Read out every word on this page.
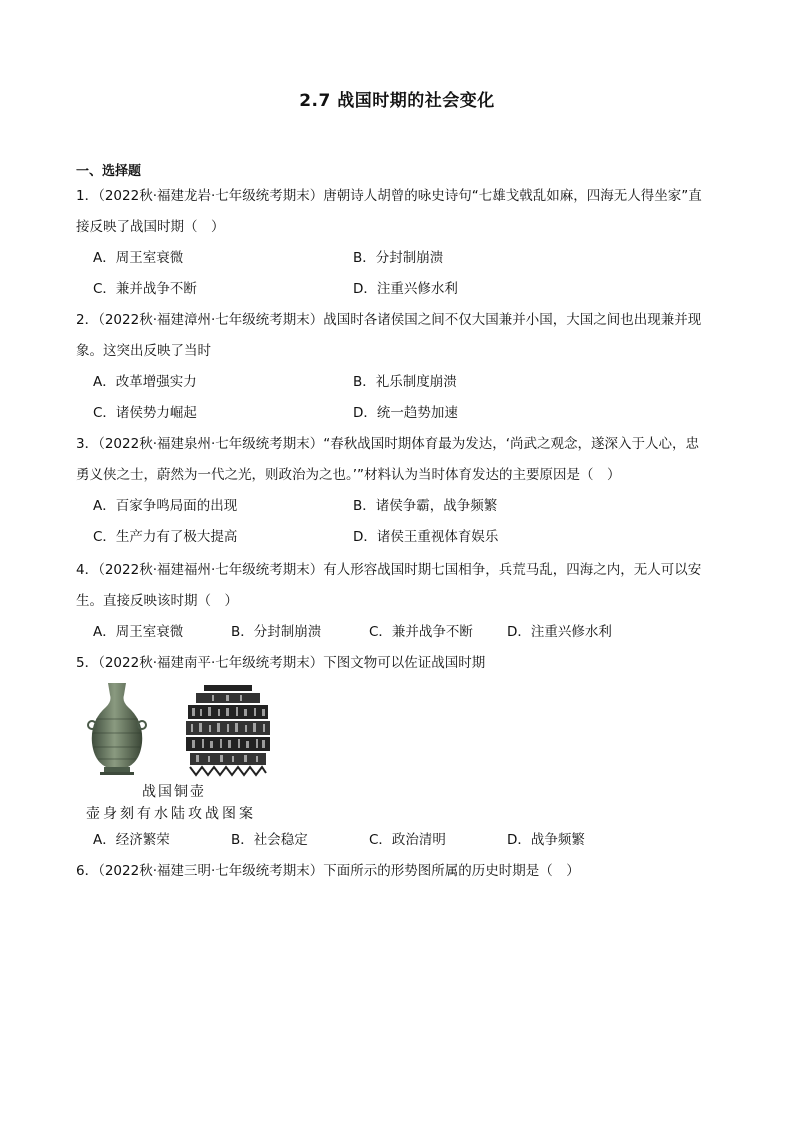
2.7 战国时期的社会变化
一、选择题
1．（2022秋·福建龙岩·七年级统考期末）唐朝诗人胡曾的咏史诗句“七雄戈戟乱如麻，四海无人得坐家”直
接反映了战国时期（　）
A．周王室衰微	B．分封制崩溃
C．兼并战争不断	D．注重兴修水利
2．（2022秋·福建漳州·七年级统考期末）战国时各诸侯国之间不仅大国兼并小国，大国之间也出现兼并现
象。这突出反映了当时
A．改革增强实力	B．礼乐制度崩溃
C．诸侯势力崛起	D．统一趋势加速
3．（2022秋·福建泉州·七年级统考期末）“春秋战国时期体育最为发达，‘尚武之观念，遂深入于人心，忠
勇义侠之士，蔚然为一代之光，则政治为之也。’”材料认为当时体育发达的主要原因是（　）
A．百家争鸣局面的出现	B．诸侯争霸，战争频繁
C．生产力有了极大提高	D．诸侯王重视体育娱乐
4．（2022秋·福建福州·七年级统考期末）有人形容战国时期七国相争，兵荒马乱，四海之内，无人可以安
生。直接反映该时期（　）
A．周王室衰微	B．分封制崩溃	C．兼并战争不断	D．注重兴修水利
5．（2022秋·福建南平·七年级统考期末）下图文物可以佐证战国时期
战国铜壶
壶身刻有水陆攻战图案
A．经济繁荣	B．社会稳定	C．政治清明	D．战争频繁
6．（2022秋·福建三明·七年级统考期末）下面所示的形势图所属的历史时期是（　）
